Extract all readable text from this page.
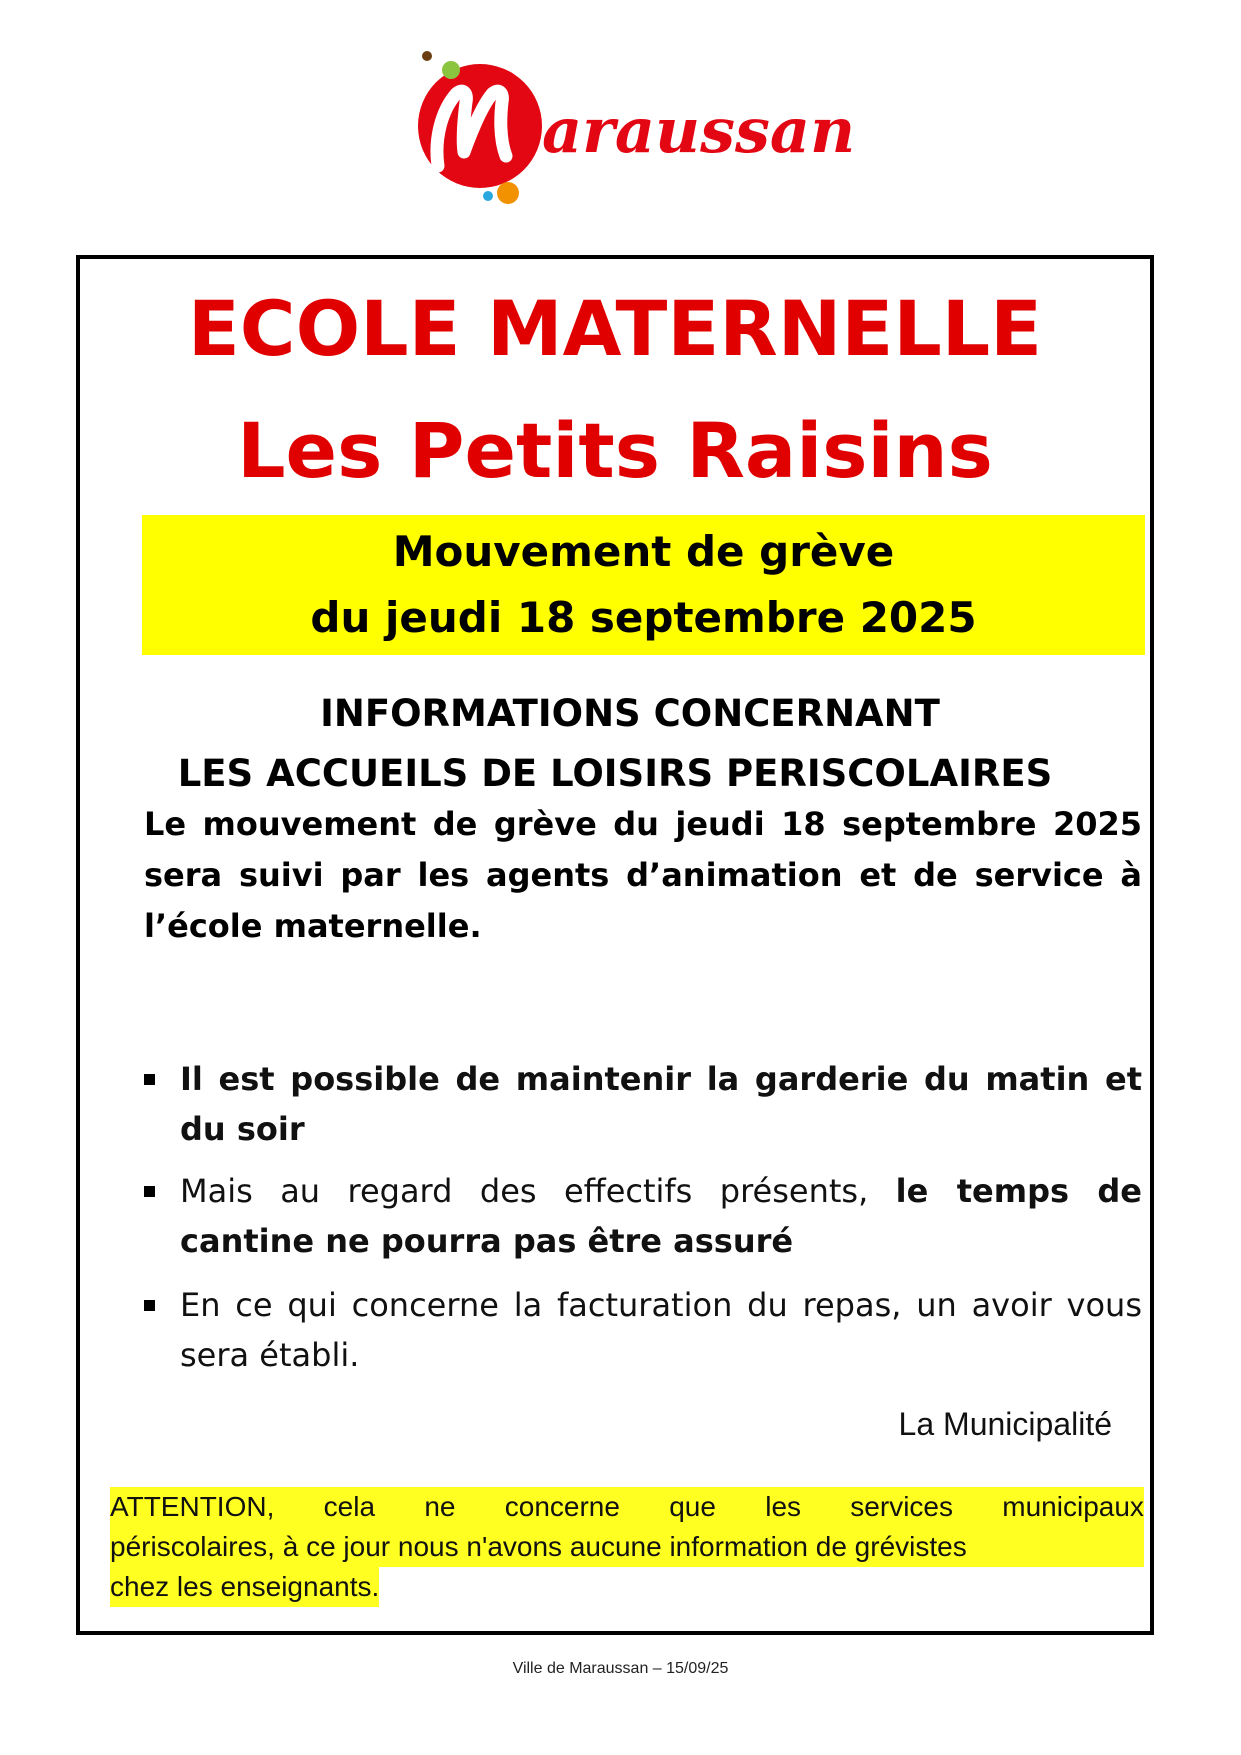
araussan
ECOLE MATERNELLE
Les Petits Raisins
Mouvement de grève
du jeudi 18 septembre 2025
INFORMATIONS CONCERNANT
LES ACCUEILS DE LOISIRS PERISCOLAIRES
Le mouvement de grève du jeudi 18 septembre 2025
sera suivi par les agents d’animation et de service à
l’école maternelle.
Il est possible de maintenir la garderie du matin et du soir
Mais au regard des effectifs présents, le temps de cantine ne pourra pas être assuré
En ce qui concerne la facturation du repas, un avoir vous sera établi.
La Municipalité
ATTENTION, cela ne concerne que les services municipaux
périscolaires, à ce jour nous n'avons aucune information de grévistes
chez les enseignants.
Ville de Maraussan – 15/09/25
